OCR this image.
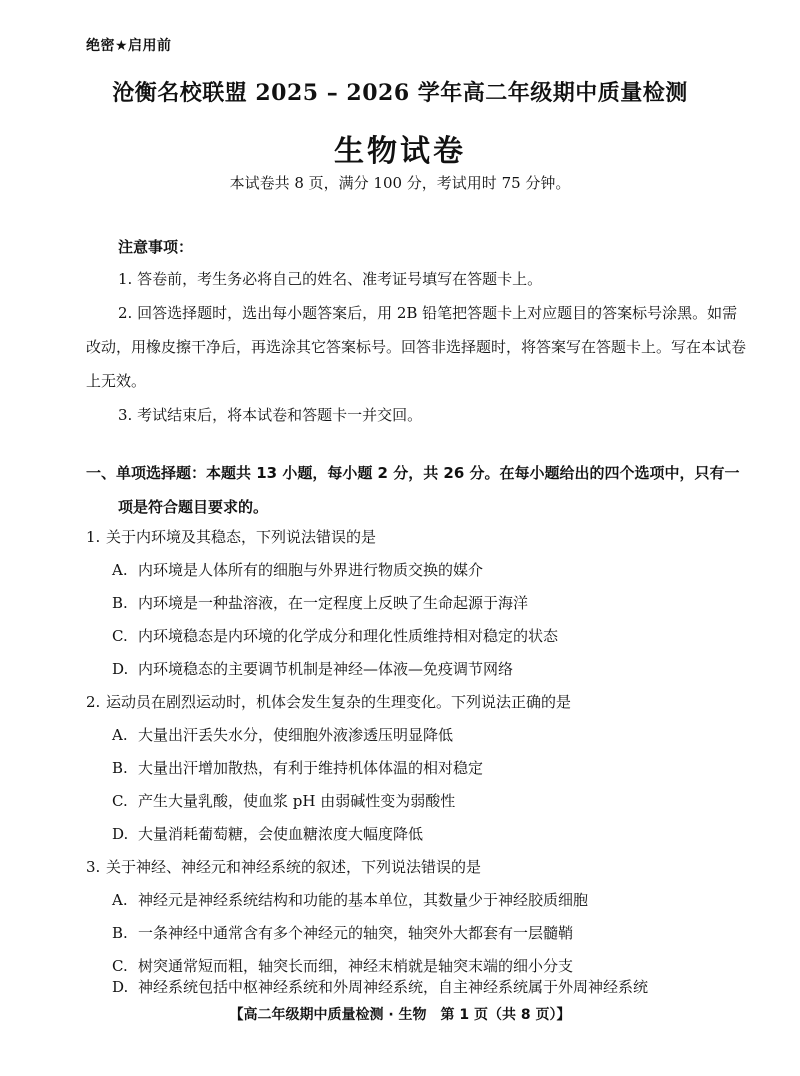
绝密★启用前
沧衡名校联盟 2025 – 2026 学年高二年级期中质量检测
生物试卷
本试卷共 8 页，满分 100 分，考试用时 75 分钟。
注意事项：
1. 答卷前，考生务必将自己的姓名、准考证号填写在答题卡上。
2. 回答选择题时，选出每小题答案后，用 2B 铅笔把答题卡上对应题目的答案标号涂黑。如需改动，用橡皮擦干净后，再选涂其它答案标号。回答非选择题时，将答案写在答题卡上。写在本试卷上无效。
3. 考试结束后，将本试卷和答题卡一并交回。
一、单项选择题：本题共 13 小题，每小题 2 分，共 26 分。在每小题给出的四个选项中，只有一
项是符合题目要求的。
1. 关于内环境及其稳态，下列说法错误的是
A. 内环境是人体所有的细胞与外界进行物质交换的媒介
B. 内环境是一种盐溶液，在一定程度上反映了生命起源于海洋
C. 内环境稳态是内环境的化学成分和理化性质维持相对稳定的状态
D. 内环境稳态的主要调节机制是神经—体液—免疫调节网络
2. 运动员在剧烈运动时，机体会发生复杂的生理变化。下列说法正确的是
A. 大量出汗丢失水分，使细胞外液渗透压明显降低
B. 大量出汗增加散热，有利于维持机体体温的相对稳定
C. 产生大量乳酸，使血浆 pH 由弱碱性变为弱酸性
D. 大量消耗葡萄糖，会使血糖浓度大幅度降低
3. 关于神经、神经元和神经系统的叙述，下列说法错误的是
A. 神经元是神经系统结构和功能的基本单位，其数量少于神经胶质细胞
B. 一条神经中通常含有多个神经元的轴突，轴突外大都套有一层髓鞘
C. 树突通常短而粗，轴突长而细，神经末梢就是轴突末端的细小分支
D. 神经系统包括中枢神经系统和外周神经系统，自主神经系统属于外周神经系统
【高二年级期中质量检测 · 生物　第 1 页（共 8 页）】
